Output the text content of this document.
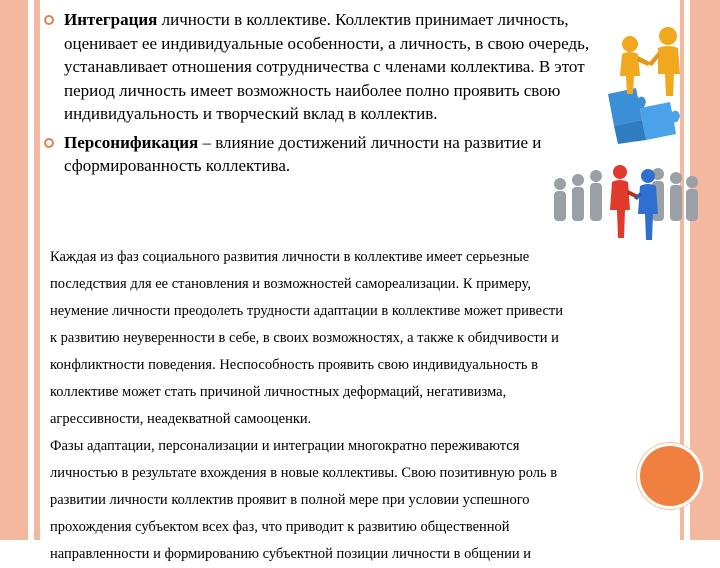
Интеграция личности в коллективе. Коллектив принимает личность, оценивает ее индивидуальные особенности, а личность, в свою очередь, устанавливает отношения сотрудничества с членами коллектива. В этот период личность имеет возможность наиболее полно проявить свою индивидуальность и творческий вклад в коллектив.
Персонификация – влияние достижений личности на развитие и сформированность коллектива.

Каждая из фаз социального развития личности в коллективе имеет серьезные
последствия для ее становления и возможностей самореализации. К примеру,
неумение личности преодолеть трудности адаптации в коллективе может привести
к развитию неуверенности в себе, в своих возможностях, а также к обидчивости и
конфликтности поведения. Неспособность проявить свою индивидуальность в
коллективе может стать причиной личностных деформаций, негативизма,
агрессивности, неадекватной самооценки.

Фазы адаптации, персонализации и интеграции многократно переживаются
личностью в результате вхождения в новые коллективы. Свою позитивную роль в
развитии личности коллектив проявит в полной мере при условии успешного
прохождения субъектом всех фаз, что приводит к развитию общественной
направленности и формированию субъектной позиции личности в общении и
